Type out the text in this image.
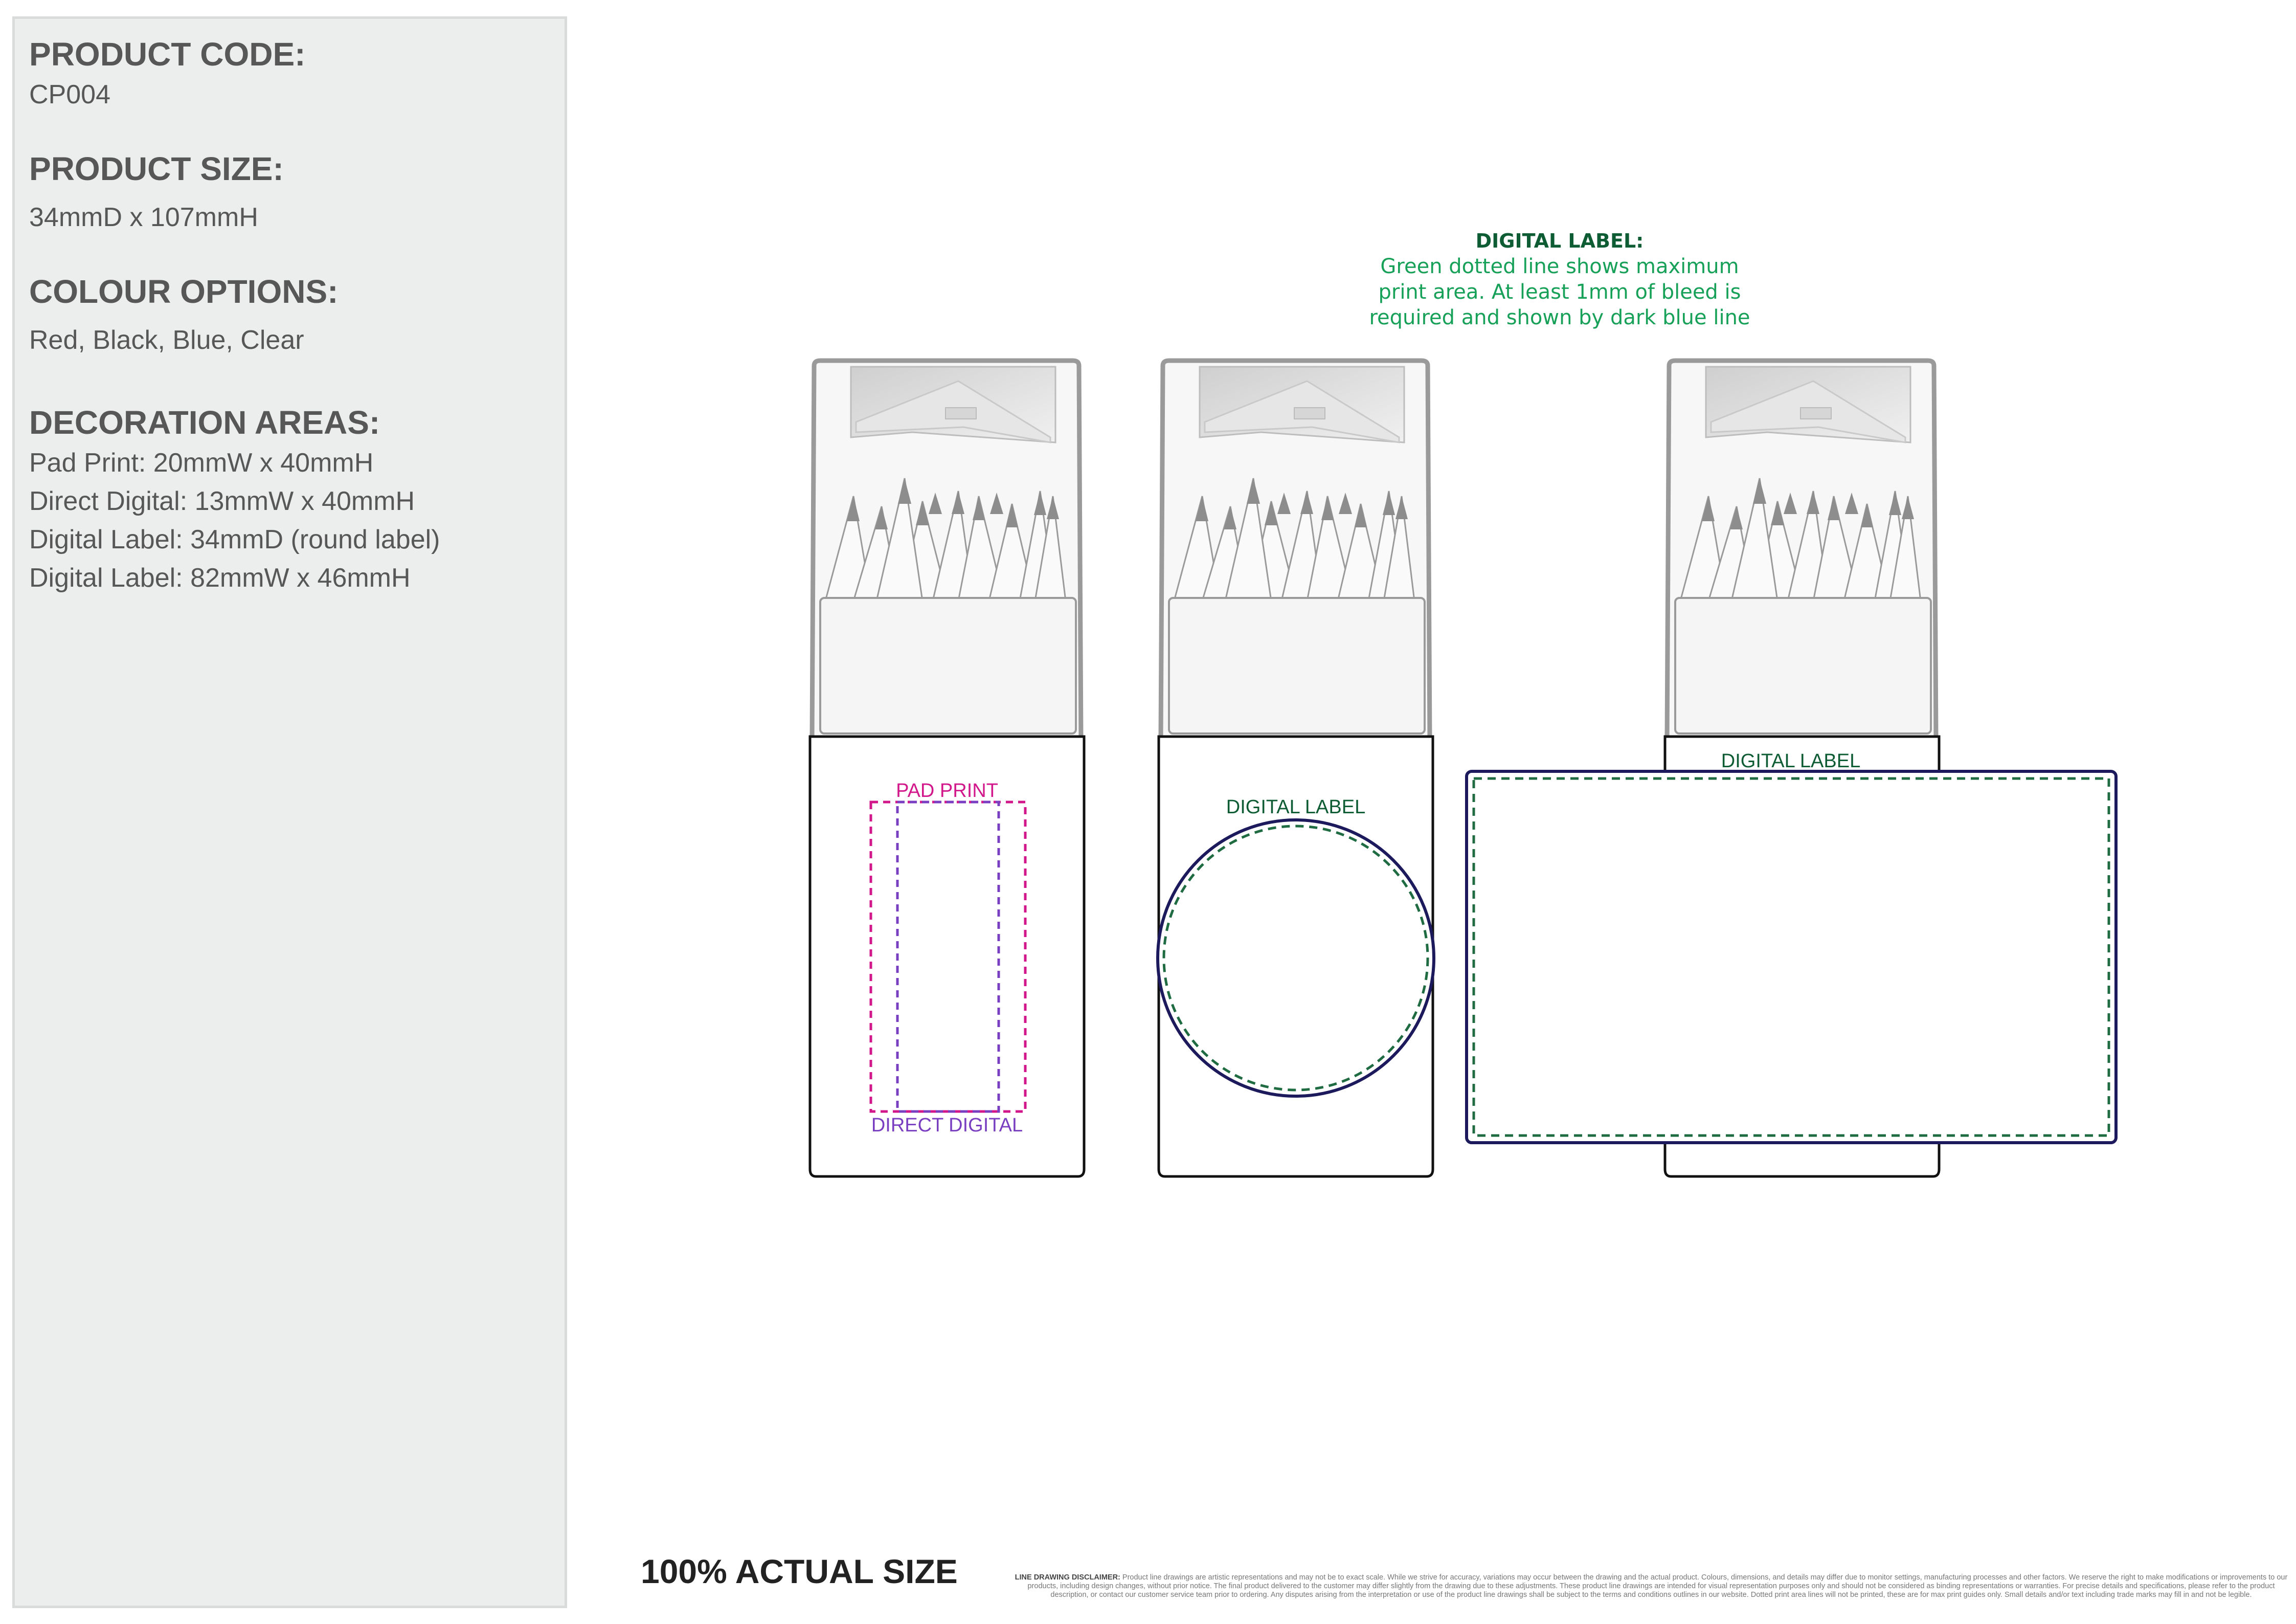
PRODUCT CODE:
CP004
PRODUCT SIZE:
34mmD x 107mmH
COLOUR OPTIONS:
Red, Black, Blue, Clear
DECORATION AREAS:
Pad Print: 20mmW x 40mmH
Direct Digital: 13mmW x 40mmH
Digital Label: 34mmD (round label)
Digital Label: 82mmW x 46mmH
DIGITAL LABEL:
Green dotted line shows maximum
print area. At least 1mm of bleed is
required and shown by dark blue line
PAD PRINT
DIRECT DIGITAL
DIGITAL LABEL
DIGITAL LABEL
100% ACTUAL SIZE	LINE DRAWING DISCLAIMER: Product line drawings are artistic representations and may not be to exact scale. While we strive for accuracy, variations may occur between the drawing and the actual product. Colours, dimensions, and details may differ due to monitor settings, manufacturing processes and other factors. We reserve the right to make modifications or improvements to our products, including design changes, without prior notice. The final product delivered to the customer may differ slightly from the drawing due to these adjustments. These product line drawings are intended for visual representation purposes only and should not be considered as binding representations or warranties. For precise details and specifications, please refer to the product description, or contact our customer service team prior to ordering. Any disputes arising from the interpretation or use of the product line drawings shall be subject to the terms and conditions outlines in our website. Dotted print area lines will not be printed, these are for max print guides only. Small details and/or text including trade marks may fill in and not be legible.
